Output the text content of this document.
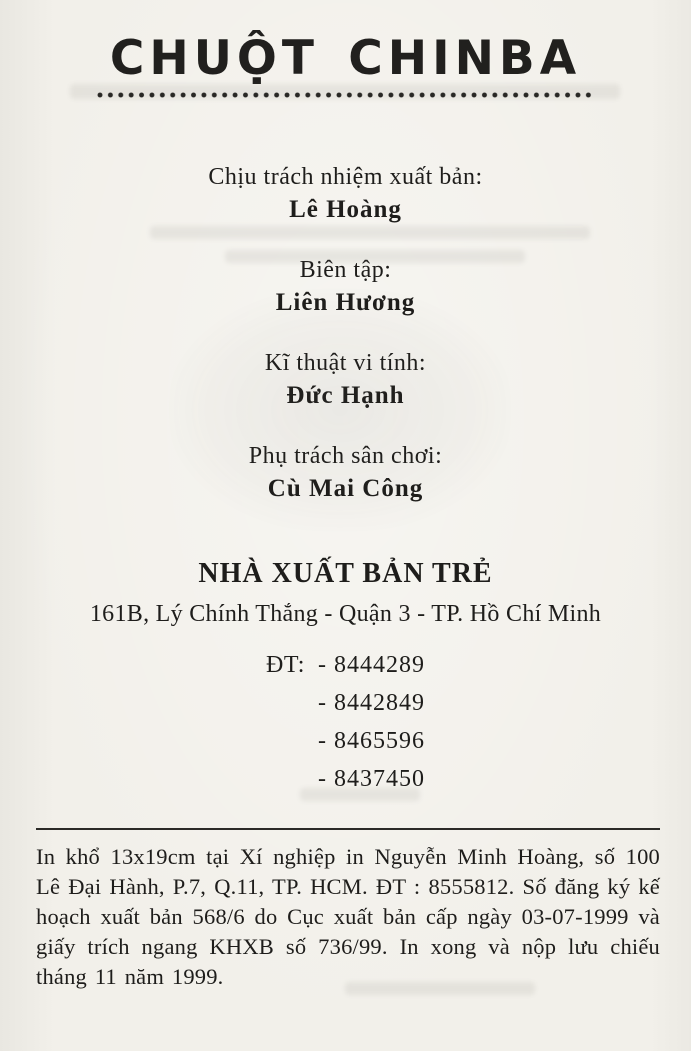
CHUỘT CHINBA
Chịu trách nhiệm xuất bản:
Lê Hoàng
Biên tập:
Liên Hương
Kĩ thuật vi tính:
Đức Hạnh
Phụ trách sân chơi:
Cù Mai Công
NHÀ XUẤT BẢN TRẺ
161B, Lý Chính Thắng - Quận 3 - TP. Hồ Chí Minh
ĐT: - 8444289
- 8442849
- 8465596
- 8437450

In khổ 13x19cm tại Xí nghiệp in Nguyễn Minh Hoàng, số 100 Lê Đại Hành, P.7, Q.11, TP. HCM. ĐT : 8555812. Số đăng ký kế hoạch xuất bản 568/6 do Cục xuất bản cấp ngày 03-07-1999 và giấy trích ngang KHXB số 736/99. In xong và nộp lưu chiếu tháng 11 năm 1999.
